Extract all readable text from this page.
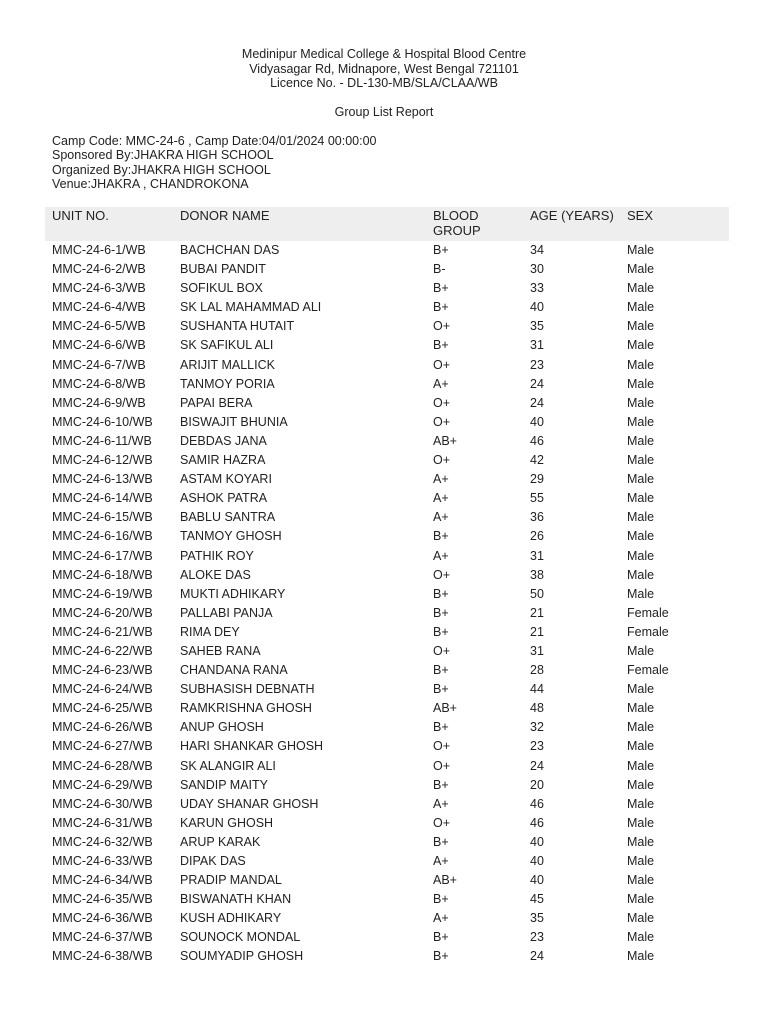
Medinipur Medical College & Hospital Blood Centre
Vidyasagar Rd, Midnapore, West Bengal 721101
Licence No. - DL-130-MB/SLA/CLAA/WB
Group List Report
Camp Code: MMC-24-6 , Camp Date:04/01/2024 00:00:00
Sponsored By:JHAKRA HIGH SCHOOL
Organized By:JHAKRA HIGH SCHOOL
Venue:JHAKRA , CHANDROKONA
UNIT NO.	DONOR NAME	BLOOD GROUP	AGE (YEARS)	SEX
MMC-24-6-1/WB	BACHCHAN DAS	B+	34	Male
MMC-24-6-2/WB	BUBAI PANDIT	B-	30	Male
MMC-24-6-3/WB	SOFIKUL BOX	B+	33	Male
MMC-24-6-4/WB	SK LAL MAHAMMAD ALI	B+	40	Male
MMC-24-6-5/WB	SUSHANTA HUTAIT	O+	35	Male
MMC-24-6-6/WB	SK SAFIKUL ALI	B+	31	Male
MMC-24-6-7/WB	ARIJIT MALLICK	O+	23	Male
MMC-24-6-8/WB	TANMOY PORIA	A+	24	Male
MMC-24-6-9/WB	PAPAI BERA	O+	24	Male
MMC-24-6-10/WB	BISWAJIT BHUNIA	O+	40	Male
MMC-24-6-11/WB	DEBDAS JANA	AB+	46	Male
MMC-24-6-12/WB	SAMIR HAZRA	O+	42	Male
MMC-24-6-13/WB	ASTAM KOYARI	A+	29	Male
MMC-24-6-14/WB	ASHOK PATRA	A+	55	Male
MMC-24-6-15/WB	BABLU SANTRA	A+	36	Male
MMC-24-6-16/WB	TANMOY GHOSH	B+	26	Male
MMC-24-6-17/WB	PATHIK ROY	A+	31	Male
MMC-24-6-18/WB	ALOKE DAS	O+	38	Male
MMC-24-6-19/WB	MUKTI ADHIKARY	B+	50	Male
MMC-24-6-20/WB	PALLABI PANJA	B+	21	Female
MMC-24-6-21/WB	RIMA DEY	B+	21	Female
MMC-24-6-22/WB	SAHEB RANA	O+	31	Male
MMC-24-6-23/WB	CHANDANA RANA	B+	28	Female
MMC-24-6-24/WB	SUBHASISH DEBNATH	B+	44	Male
MMC-24-6-25/WB	RAMKRISHNA GHOSH	AB+	48	Male
MMC-24-6-26/WB	ANUP GHOSH	B+	32	Male
MMC-24-6-27/WB	HARI SHANKAR GHOSH	O+	23	Male
MMC-24-6-28/WB	SK ALANGIR ALI	O+	24	Male
MMC-24-6-29/WB	SANDIP MAITY	B+	20	Male
MMC-24-6-30/WB	UDAY SHANAR GHOSH	A+	46	Male
MMC-24-6-31/WB	KARUN GHOSH	O+	46	Male
MMC-24-6-32/WB	ARUP KARAK	B+	40	Male
MMC-24-6-33/WB	DIPAK DAS	A+	40	Male
MMC-24-6-34/WB	PRADIP MANDAL	AB+	40	Male
MMC-24-6-35/WB	BISWANATH KHAN	B+	45	Male
MMC-24-6-36/WB	KUSH ADHIKARY	A+	35	Male
MMC-24-6-37/WB	SOUNOCK MONDAL	B+	23	Male
MMC-24-6-38/WB	SOUMYADIP GHOSH	B+	24	Male
